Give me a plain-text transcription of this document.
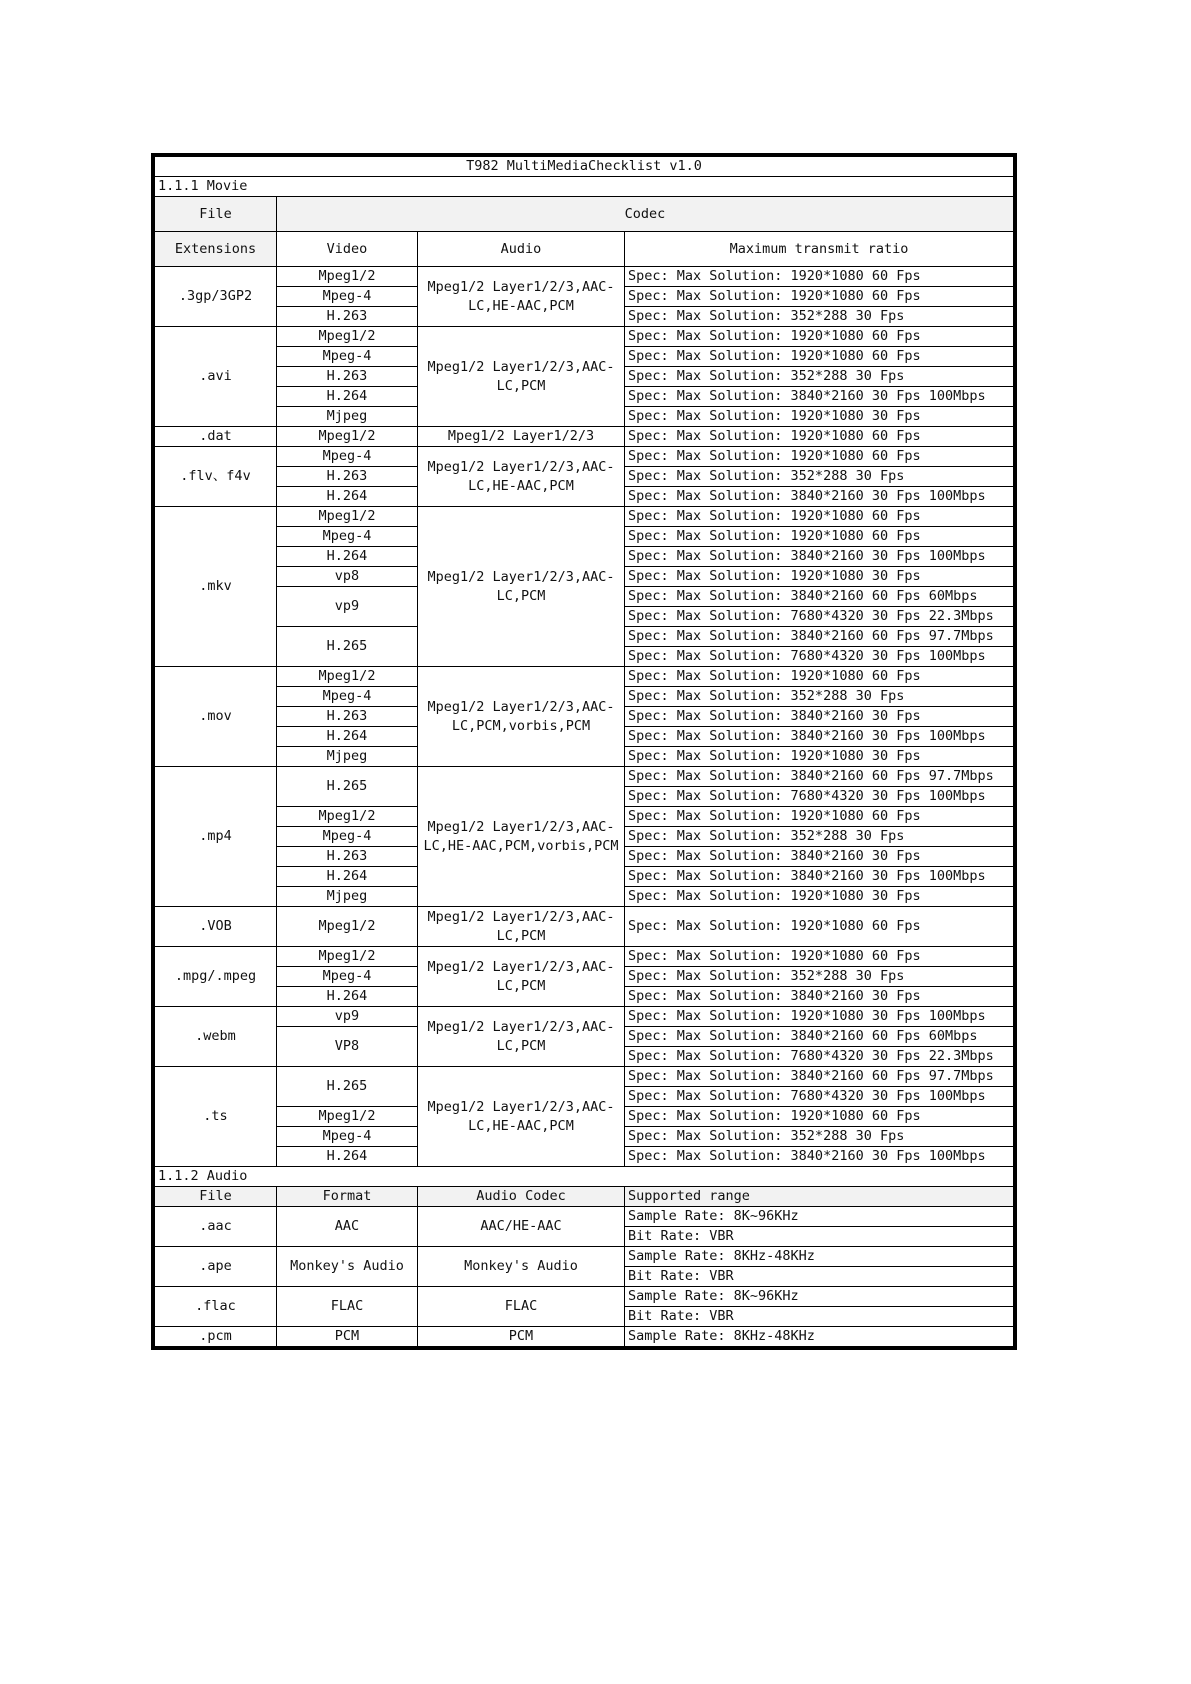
T982 MultiMediaChecklist v1.0			
1.1.1 Movie			
File	Codec		
Extensions	Video	Audio	Maximum transmit ratio
.3gp/3GP2	Mpeg1/2	Mpeg1/2 Layer1/2/3,AAC-LC,HE-AAC,PCM	Spec: Max Solution: 1920*1080 60 Fps
	Mpeg-4		Spec: Max Solution: 1920*1080 60 Fps
	H.263		Spec: Max Solution: 352*288 30 Fps
.avi	Mpeg1/2	Mpeg1/2 Layer1/2/3,AAC-LC,PCM	Spec: Max Solution: 1920*1080 60 Fps
	Mpeg-4		Spec: Max Solution: 1920*1080 60 Fps
	H.263		Spec: Max Solution: 352*288 30 Fps
	H.264		Spec: Max Solution: 3840*2160 30 Fps 100Mbps
	Mjpeg		Spec: Max Solution: 1920*1080 30 Fps
.dat	Mpeg1/2	Mpeg1/2 Layer1/2/3	Spec: Max Solution: 1920*1080 60 Fps
.flv、f4v	Mpeg-4	Mpeg1/2 Layer1/2/3,AAC-LC,HE-AAC,PCM	Spec: Max Solution: 1920*1080 60 Fps
	H.263		Spec: Max Solution: 352*288 30 Fps
	H.264		Spec: Max Solution: 3840*2160 30 Fps 100Mbps
.mkv	Mpeg1/2	Mpeg1/2 Layer1/2/3,AAC-LC,PCM	Spec: Max Solution: 1920*1080 60 Fps
	Mpeg-4		Spec: Max Solution: 1920*1080 60 Fps
	H.264		Spec: Max Solution: 3840*2160 30 Fps 100Mbps
	vp8		Spec: Max Solution: 1920*1080 30 Fps
	vp9		Spec: Max Solution: 3840*2160 60 Fps 60Mbps
			Spec: Max Solution: 7680*4320 30 Fps 22.3Mbps
	H.265		Spec: Max Solution: 3840*2160 60 Fps 97.7Mbps
			Spec: Max Solution: 7680*4320 30 Fps 100Mbps
.mov	Mpeg1/2	Mpeg1/2 Layer1/2/3,AAC-LC,PCM,vorbis,PCM	Spec: Max Solution: 1920*1080 60 Fps
	Mpeg-4		Spec: Max Solution: 352*288 30 Fps
	H.263		Spec: Max Solution: 3840*2160 30 Fps
	H.264		Spec: Max Solution: 3840*2160 30 Fps 100Mbps
	Mjpeg		Spec: Max Solution: 1920*1080 30 Fps
.mp4	H.265	Mpeg1/2 Layer1/2/3,AAC-LC,HE-AAC,PCM,vorbis,PCM	Spec: Max Solution: 3840*2160 60 Fps 97.7Mbps
			Spec: Max Solution: 7680*4320 30 Fps 100Mbps
	Mpeg1/2		Spec: Max Solution: 1920*1080 60 Fps
	Mpeg-4		Spec: Max Solution: 352*288 30 Fps
	H.263		Spec: Max Solution: 3840*2160 30 Fps
	H.264		Spec: Max Solution: 3840*2160 30 Fps 100Mbps
	Mjpeg		Spec: Max Solution: 1920*1080 30 Fps
.VOB	Mpeg1/2	Mpeg1/2 Layer1/2/3,AAC-LC,PCM	Spec: Max Solution: 1920*1080 60 Fps
.mpg/.mpeg	Mpeg1/2	Mpeg1/2 Layer1/2/3,AAC-LC,PCM	Spec: Max Solution: 1920*1080 60 Fps
	Mpeg-4		Spec: Max Solution: 352*288 30 Fps
	H.264		Spec: Max Solution: 3840*2160 30 Fps
.webm	vp9	Mpeg1/2 Layer1/2/3,AAC-LC,PCM	Spec: Max Solution: 1920*1080 30 Fps 100Mbps
	VP8		Spec: Max Solution: 3840*2160 60 Fps 60Mbps
			Spec: Max Solution: 7680*4320 30 Fps 22.3Mbps
.ts	H.265	Mpeg1/2 Layer1/2/3,AAC-LC,HE-AAC,PCM	Spec: Max Solution: 3840*2160 60 Fps 97.7Mbps
			Spec: Max Solution: 7680*4320 30 Fps 100Mbps
	Mpeg1/2		Spec: Max Solution: 1920*1080 60 Fps
	Mpeg-4		Spec: Max Solution: 352*288 30 Fps
	H.264		Spec: Max Solution: 3840*2160 30 Fps 100Mbps
1.1.2 Audio			
File	Format	Audio Codec	Supported range
.aac	AAC	AAC/HE-AAC	Sample Rate: 8K~96KHz
			Bit Rate: VBR
.ape	Monkey's Audio	Monkey's Audio	Sample Rate: 8KHz-48KHz
			Bit Rate: VBR
.flac	FLAC	FLAC	Sample Rate: 8K~96KHz
			Bit Rate: VBR
.pcm	PCM	PCM	Sample Rate: 8KHz-48KHz
